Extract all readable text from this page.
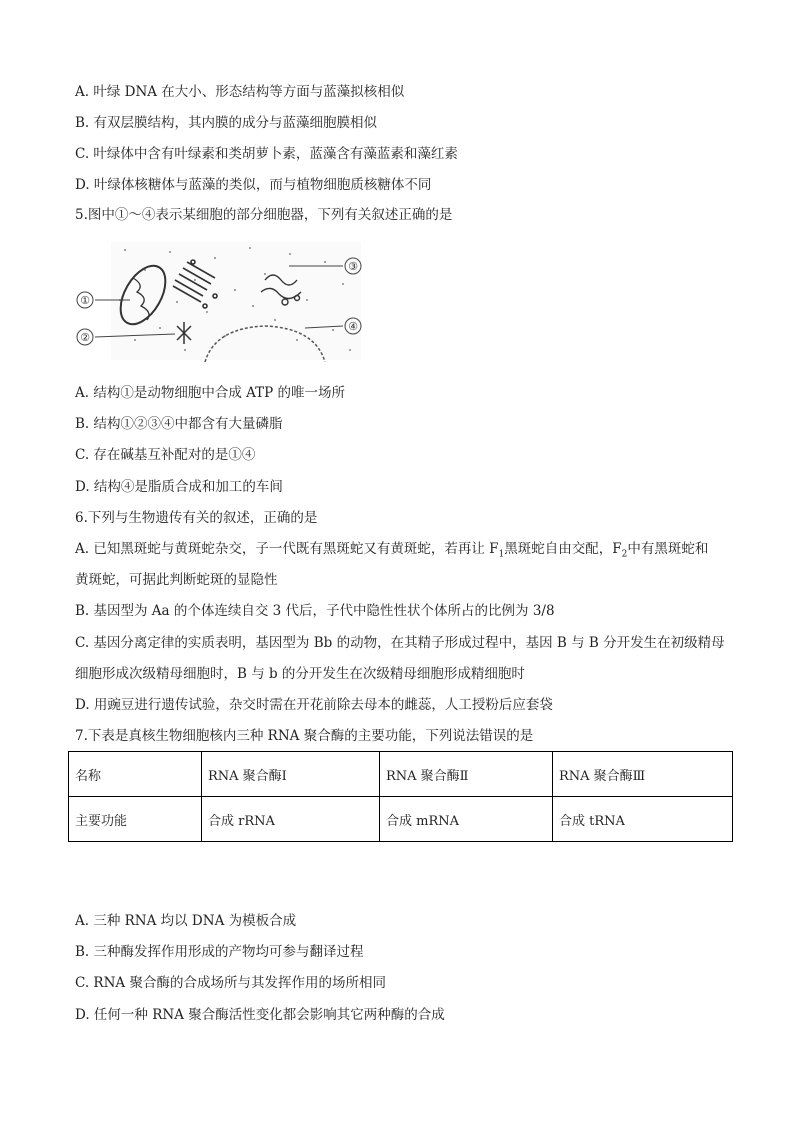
A. 叶绿 DNA 在大小、形态结构等方面与蓝藻拟核相似
B. 有双层膜结构，其内膜的成分与蓝藻细胞膜相似
C. 叶绿体中含有叶绿素和类胡萝卜素，蓝藻含有藻蓝素和藻红素
D. 叶绿体核糖体与蓝藻的类似，而与植物细胞质核糖体不同
5.图中①～④表示某细胞的部分细胞器，下列有关叙述正确的是
①
②
③
④
A. 结构①是动物细胞中合成 ATP 的唯一场所
B. 结构①②③④中都含有大量磷脂
C. 存在碱基互补配对的是①④
D. 结构④是脂质合成和加工的车间
6.下列与生物遗传有关的叙述，正确的是
A. 已知黑斑蛇与黄斑蛇杂交，子一代既有黑斑蛇又有黄斑蛇，若再让 $F_1$黑斑蛇自由交配，$F_2$中有黑斑蛇和
黄斑蛇，可据此判断蛇斑的显隐性
B. 基因型为 Aa 的个体连续自交 3 代后，子代中隐性性状个体所占的比例为 3/8
C. 基因分离定律的实质表明，基因型为 Bb 的动物，在其精子形成过程中，基因 B 与 B 分开发生在初级精母
细胞形成次级精母细胞时，B 与 b 的分开发生在次级精母细胞形成精细胞时
D. 用豌豆进行遗传试验，杂交时需在开花前除去母本的雌蕊，人工授粉后应套袋
7.下表是真核生物细胞核内三种 RNA 聚合酶的主要功能，下列说法错误的是
名称	RNA 聚合酶Ⅰ	RNA 聚合酶Ⅱ	RNA 聚合酶Ⅲ
主要功能	合成 rRNA	合成 mRNA	合成 tRNA
A. 三种 RNA 均以 DNA 为模板合成
B. 三种酶发挥作用形成的产物均可参与翻译过程
C. RNA 聚合酶的合成场所与其发挥作用的场所相同
D. 任何一种 RNA 聚合酶活性变化都会影响其它两种酶的合成
